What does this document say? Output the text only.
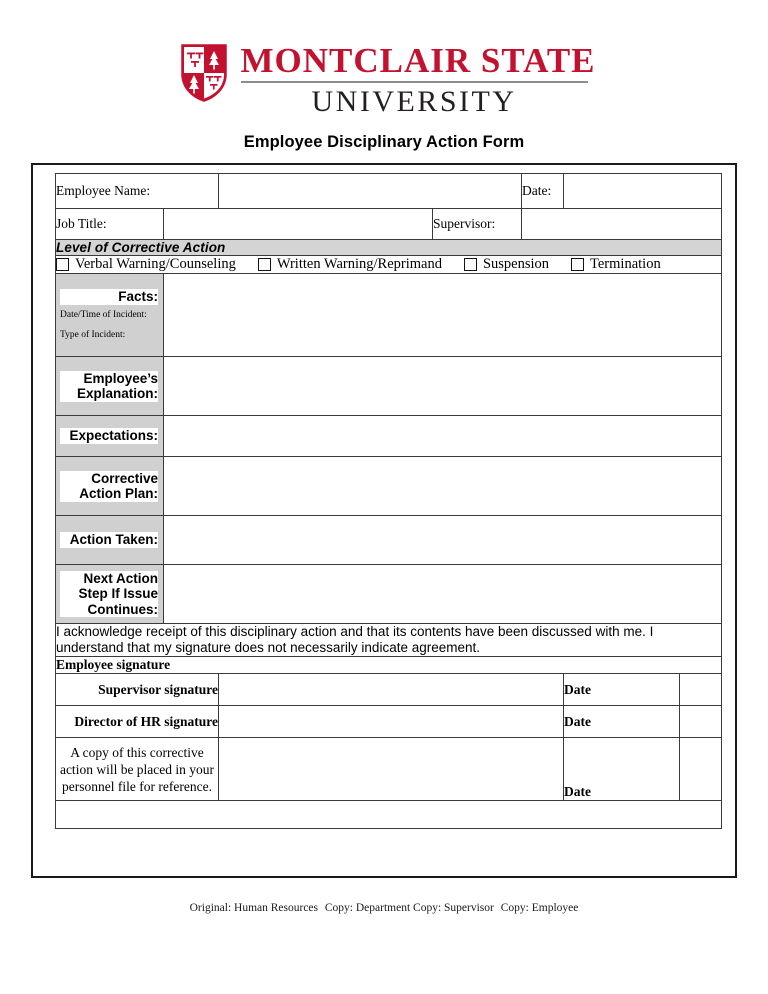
MONTCLAIR STATE
UNIVERSITY
Employee Disciplinary Action Form
Employee Name:				Date:		
Job Title:			Supervisor:			
Level of Corrective Action						

Verbal Warning/Counseling Written Warning/Reprimand Suspension Termination						

Facts:
Date/Time of Incident:
Type of Incident:						

Employee’s
Explanation:						

Expectations:						

Corrective
Action Plan:						

Action Taken:						

Next Action
Step If Issue
Continues:						

I acknowledge receipt of this disciplinary action and that its contents have been discussed with me. I understand that my signature does not necessarily indicate agreement.						
Employee signature						
Supervisor signature					Date	
Director of HR signature					Date	

A copy of this corrective
action will be placed in your
personnel file for reference.					Date	

Original: Human Resources Copy: Department Copy: Supervisor Copy: Employee
